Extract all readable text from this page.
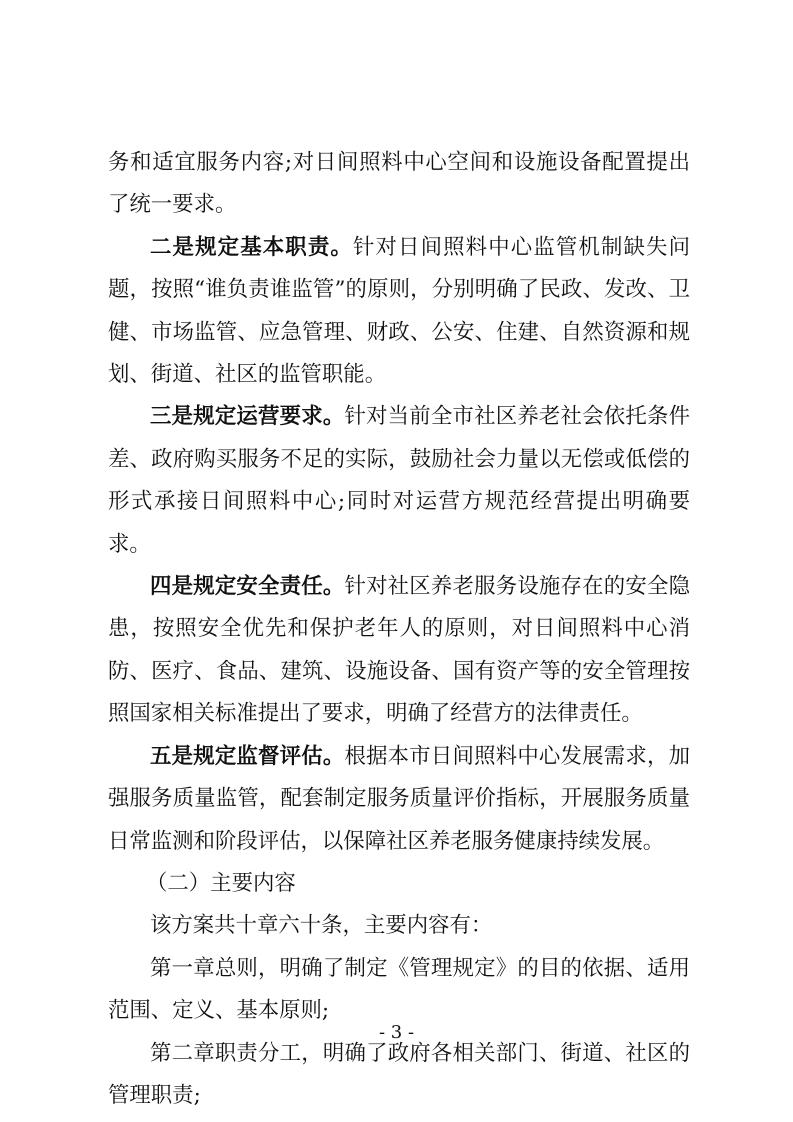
务和适宜服务内容;对日间照料中心空间和设施设备配置提出了统一要求。

二是规定基本职责。针对日间照料中心监管机制缺失问题，按照“谁负责谁监管”的原则，分别明确了民政、发改、卫健、市场监管、应急管理、财政、公安、住建、自然资源和规划、街道、社区的监管职能。

三是规定运营要求。针对当前全市社区养老社会依托条件差、政府购买服务不足的实际，鼓励社会力量以无偿或低偿的形式承接日间照料中心;同时对运营方规范经营提出明确要求。

四是规定安全责任。针对社区养老服务设施存在的安全隐患，按照安全优先和保护老年人的原则，对日间照料中心消防、医疗、食品、建筑、设施设备、国有资产等的安全管理按照国家相关标准提出了要求，明确了经营方的法律责任。

五是规定监督评估。根据本市日间照料中心发展需求，加强服务质量监管，配套制定服务质量评价指标，开展服务质量日常监测和阶段评估，以保障社区养老服务健康持续发展。

（二）主要内容

该方案共十章六十条，主要内容有：

第一章总则，明确了制定《管理规定》的目的依据、适用范围、定义、基本原则;

第二章职责分工，明确了政府各相关部门、街道、社区的管理职责;

- 3 -
